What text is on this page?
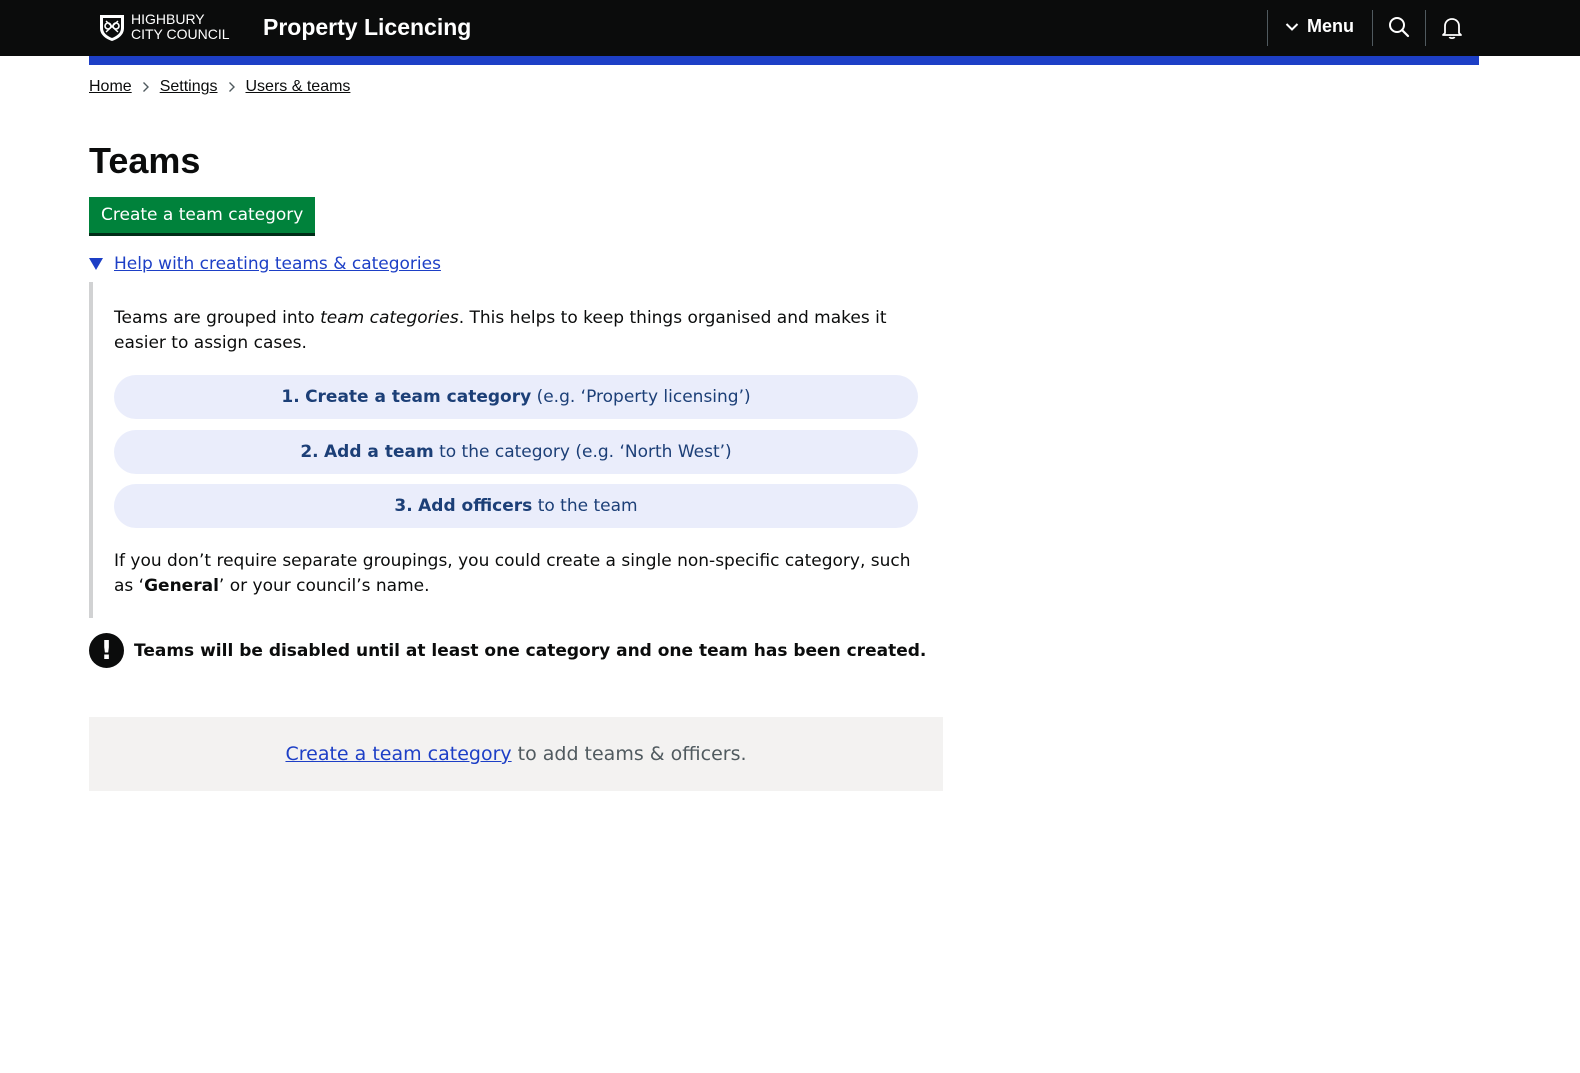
HIGHBURY
CITY COUNCIL Property Licencing	Menu
Home Settings Users & teams
Teams
Create a team category
Help with creating teams & categories

Teams are grouped into team categories. This helps to keep things organised and makes it easier to assign cases.

1. Create a team category (e.g. ‘Property licensing’)
2. Add a team to the category (e.g. ‘North West’)
3. Add officers to the team

If you don’t require separate groupings, you could create a single non-specific category, such as ‘General’ or your council’s name.

!	Teams will be disabled until at least one category and one team has been created.
Create a team category to add teams & officers.
